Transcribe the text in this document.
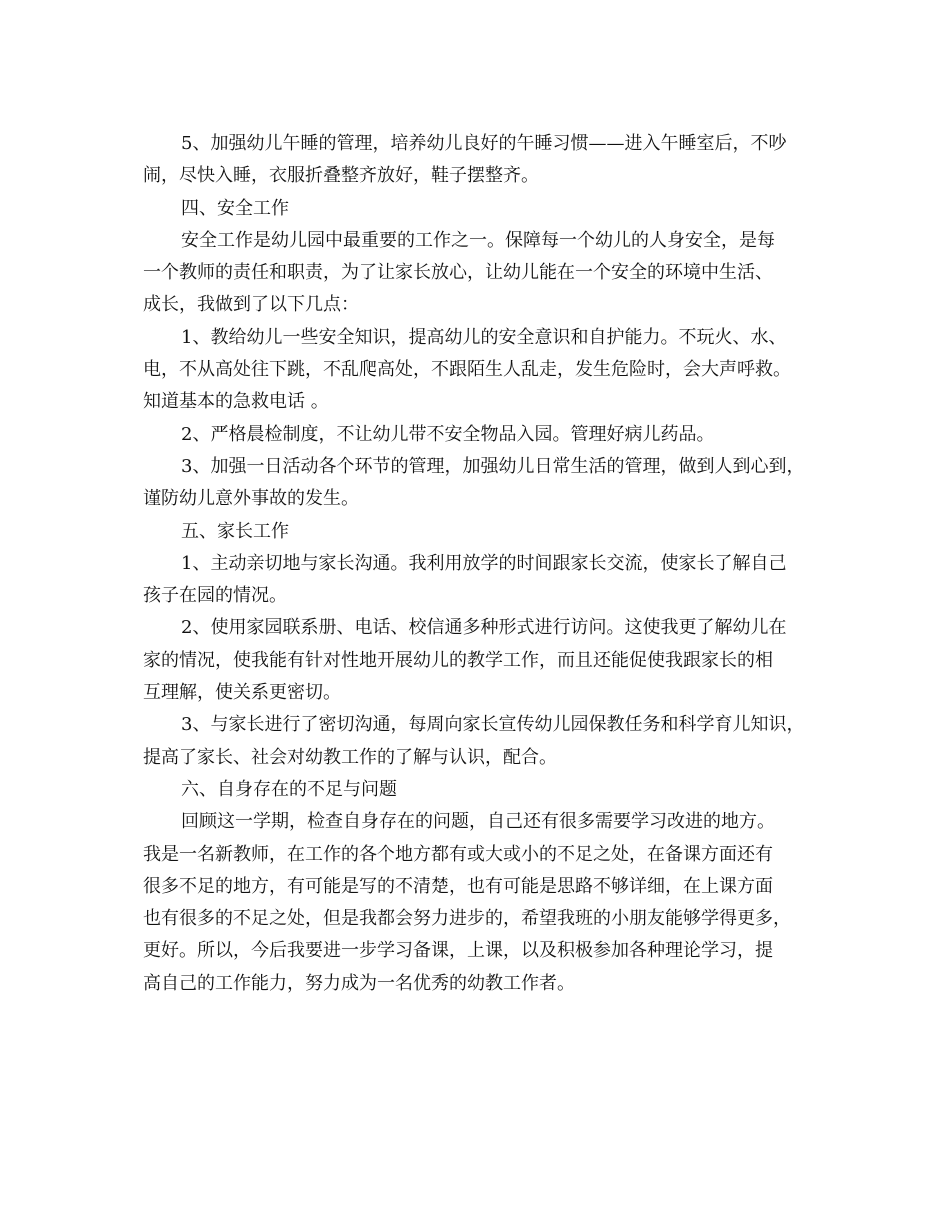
5、加强幼儿午睡的管理，培养幼儿良好的午睡习惯——进入午睡室后，不吵
闹，尽快入睡，衣服折叠整齐放好，鞋子摆整齐。
四、安全工作
安全工作是幼儿园中最重要的工作之一。保障每一个幼儿的人身安全，是每
一个教师的责任和职责，为了让家长放心，让幼儿能在一个安全的环境中生活、
成长，我做到了以下几点：
1、教给幼儿一些安全知识，提高幼儿的安全意识和自护能力。不玩火、水、
电，不从高处往下跳，不乱爬高处，不跟陌生人乱走，发生危险时，会大声呼救。
知道基本的急救电话 。
2、严格晨检制度，不让幼儿带不安全物品入园。管理好病儿药品。
3、加强一日活动各个环节的管理，加强幼儿日常生活的管理，做到人到心到，
谨防幼儿意外事故的发生。
五、家长工作
1、主动亲切地与家长沟通。我利用放学的时间跟家长交流，使家长了解自己
孩子在园的情况。
2、使用家园联系册、电话、校信通多种形式进行访问。这使我更了解幼儿在
家的情况，使我能有针对性地开展幼儿的教学工作，而且还能促使我跟家长的相
互理解，使关系更密切。
3、与家长进行了密切沟通，每周向家长宣传幼儿园保教任务和科学育儿知识，
提高了家长、社会对幼教工作的了解与认识，配合。
六、自身存在的不足与问题
回顾这一学期，检查自身存在的问题，自己还有很多需要学习改进的地方。
我是一名新教师，在工作的各个地方都有或大或小的不足之处，在备课方面还有
很多不足的地方，有可能是写的不清楚，也有可能是思路不够详细，在上课方面
也有很多的不足之处，但是我都会努力进步的，希望我班的小朋友能够学得更多，
更好。所以，今后我要进一步学习备课，上课，以及积极参加各种理论学习，提
高自己的工作能力，努力成为一名优秀的幼教工作者。
